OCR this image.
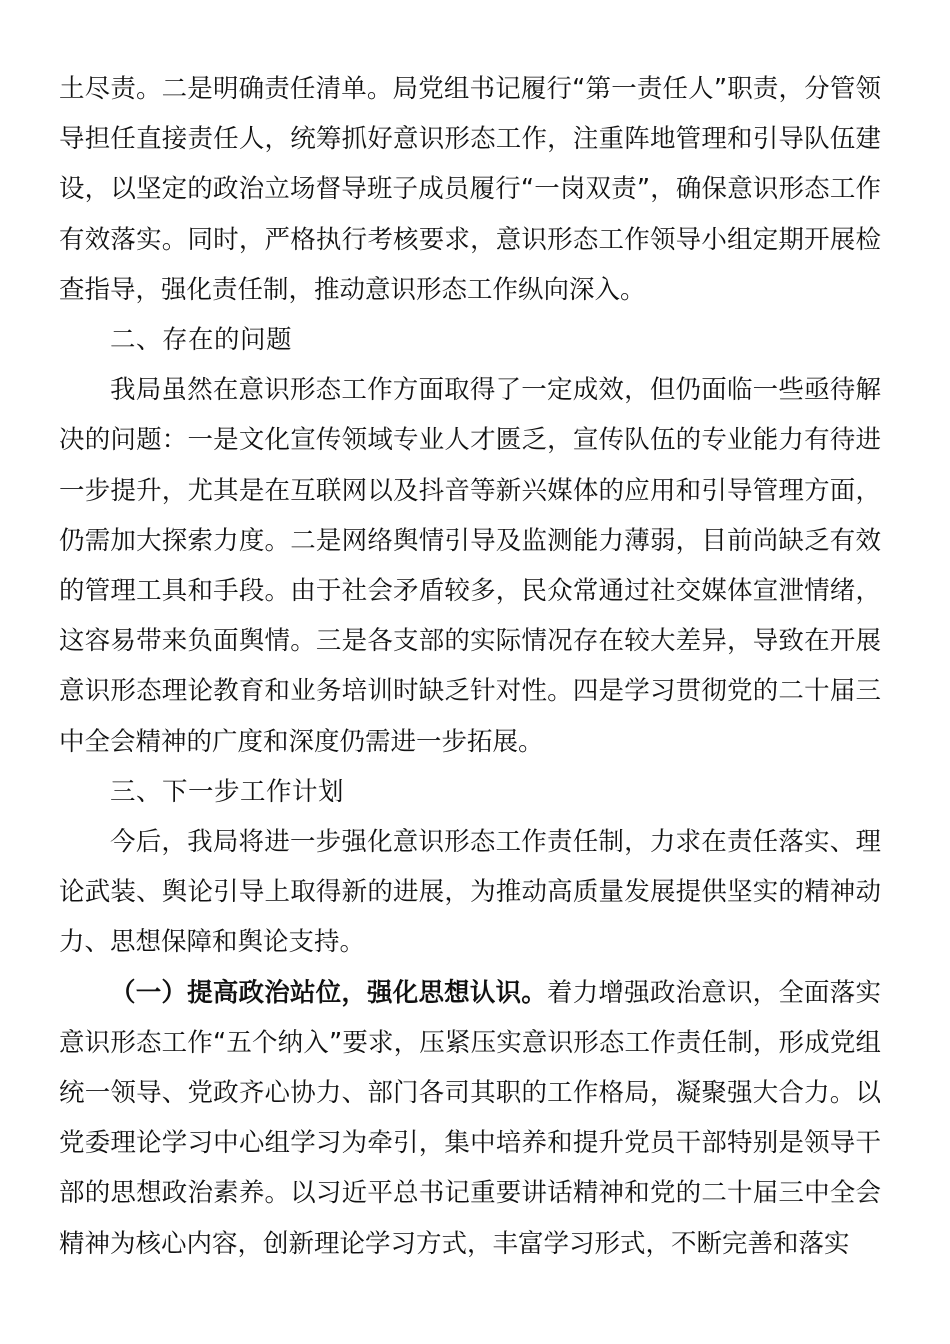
土尽责。二是明确责任清单。局党组书记履行“第一责任人”职责，分管领导担任直接责任人，统筹抓好意识形态工作，注重阵地管理和引导队伍建设，以坚定的政治立场督导班子成员履行“一岗双责”，确保意识形态工作有效落实。同时，严格执行考核要求，意识形态工作领导小组定期开展检查指导，强化责任制，推动意识形态工作纵向深入。

二、存在的问题

我局虽然在意识形态工作方面取得了一定成效，但仍面临一些亟待解决的问题：一是文化宣传领域专业人才匮乏，宣传队伍的专业能力有待进一步提升，尤其是在互联网以及抖音等新兴媒体的应用和引导管理方面，仍需加大探索力度。二是网络舆情引导及监测能力薄弱，目前尚缺乏有效的管理工具和手段。由于社会矛盾较多，民众常通过社交媒体宣泄情绪，这容易带来负面舆情。三是各支部的实际情况存在较大差异，导致在开展意识形态理论教育和业务培训时缺乏针对性。四是学习贯彻党的二十届三中全会精神的广度和深度仍需进一步拓展。

三、下一步工作计划

今后，我局将进一步强化意识形态工作责任制，力求在责任落实、理论武装、舆论引导上取得新的进展，为推动高质量发展提供坚实的精神动力、思想保障和舆论支持。

（一）提高政治站位，强化思想认识。着力增强政治意识，全面落实意识形态工作“五个纳入”要求，压紧压实意识形态工作责任制，形成党组统一领导、党政齐心协力、部门各司其职的工作格局，凝聚强大合力。以党委理论学习中心组学习为牵引，集中培养和提升党员干部特别是领导干部的思想政治素养。以习近平总书记重要讲话精神和党的二十届三中全会精神为核心内容，创新理论学习方式，丰富学习形式，不断完善和落实
